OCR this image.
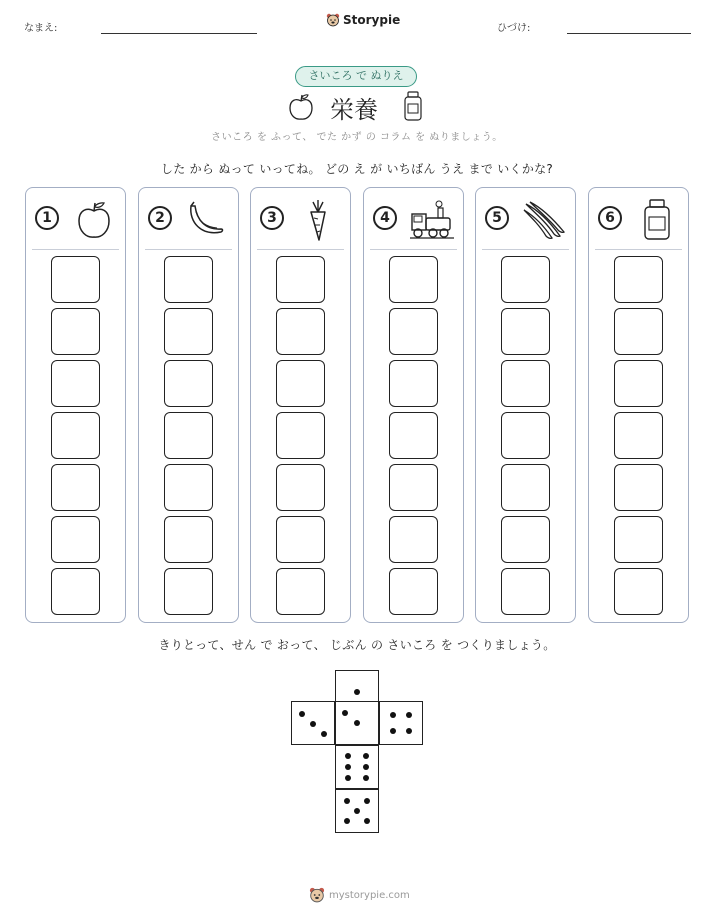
なまえ:
Storypie
ひづけ:
さいころ で ぬりえ
栄養
さいころ を ふって、 でた かず の コラム を ぬりましょう。
した から ぬって いってね。 どの え が いちばん うえ まで いくかな?
1	2	3	4	5	6
きりとって、せん で おって、 じぶん の さいころ を つくりましょう。
mystorypie.com
